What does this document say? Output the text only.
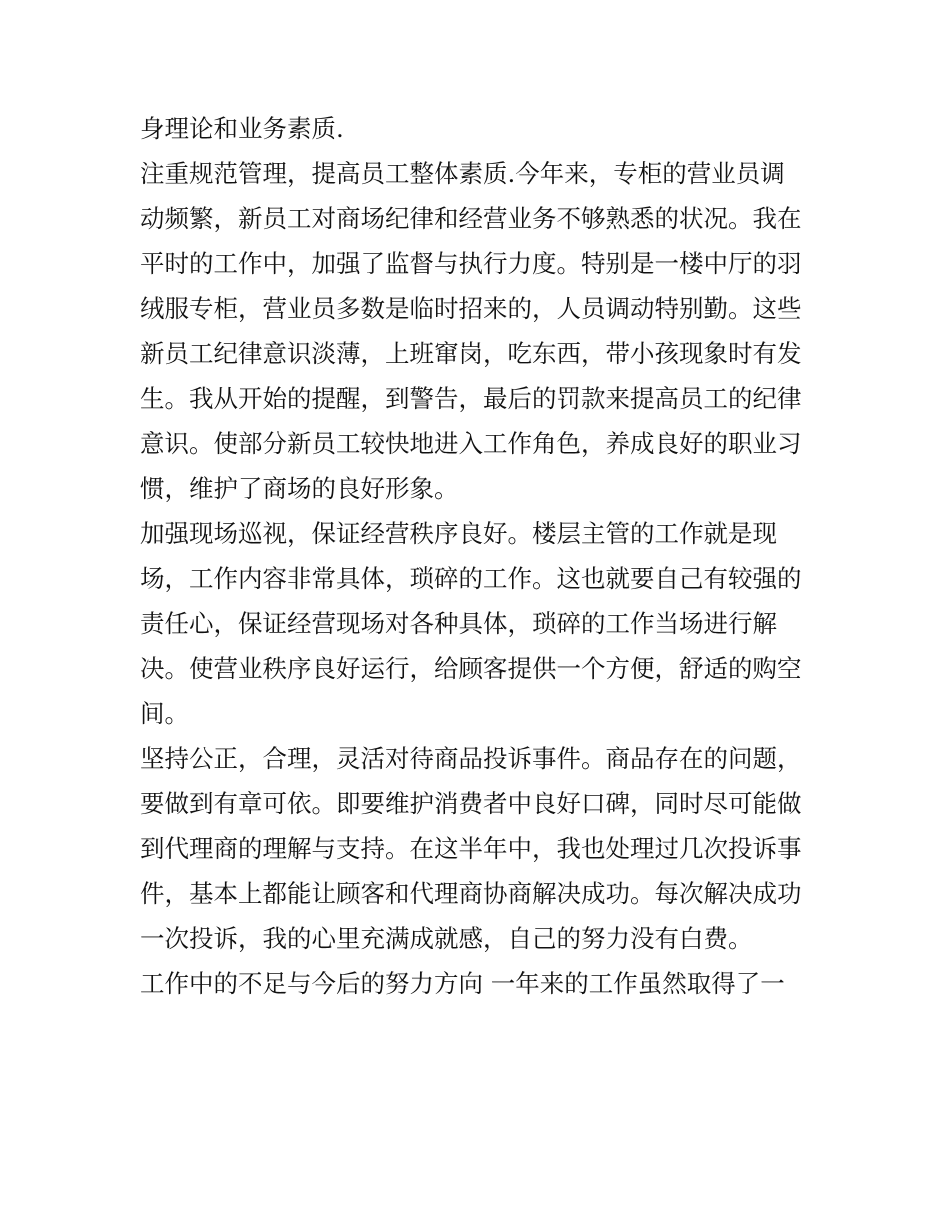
身理论和业务素质.
注重规范管理，提高员工整体素质.今年来，专柜的营业员调
动频繁，新员工对商场纪律和经营业务不够熟悉的状况。我在
平时的工作中，加强了监督与执行力度。特别是一楼中厅的羽
绒服专柜，营业员多数是临时招来的，人员调动特别勤。这些
新员工纪律意识淡薄，上班窜岗，吃东西，带小孩现象时有发
生。我从开始的提醒，到警告，最后的罚款来提高员工的纪律
意识。使部分新员工较快地进入工作角色，养成良好的职业习
惯，维护了商场的良好形象。
加强现场巡视，保证经营秩序良好。楼层主管的工作就是现
场，工作内容非常具体，琐碎的工作。这也就要自己有较强的
责任心，保证经营现场对各种具体，琐碎的工作当场进行解
决。使营业秩序良好运行，给顾客提供一个方便，舒适的购空
间。
坚持公正，合理，灵活对待商品投诉事件。商品存在的问题，
要做到有章可依。即要维护消费者中良好口碑，同时尽可能做
到代理商的理解与支持。在这半年中，我也处理过几次投诉事
件，基本上都能让顾客和代理商协商解决成功。每次解决成功
一次投诉，我的心里充满成就感，自己的努力没有白费。
工作中的不足与今后的努力方向 一年来的工作虽然取得了一
